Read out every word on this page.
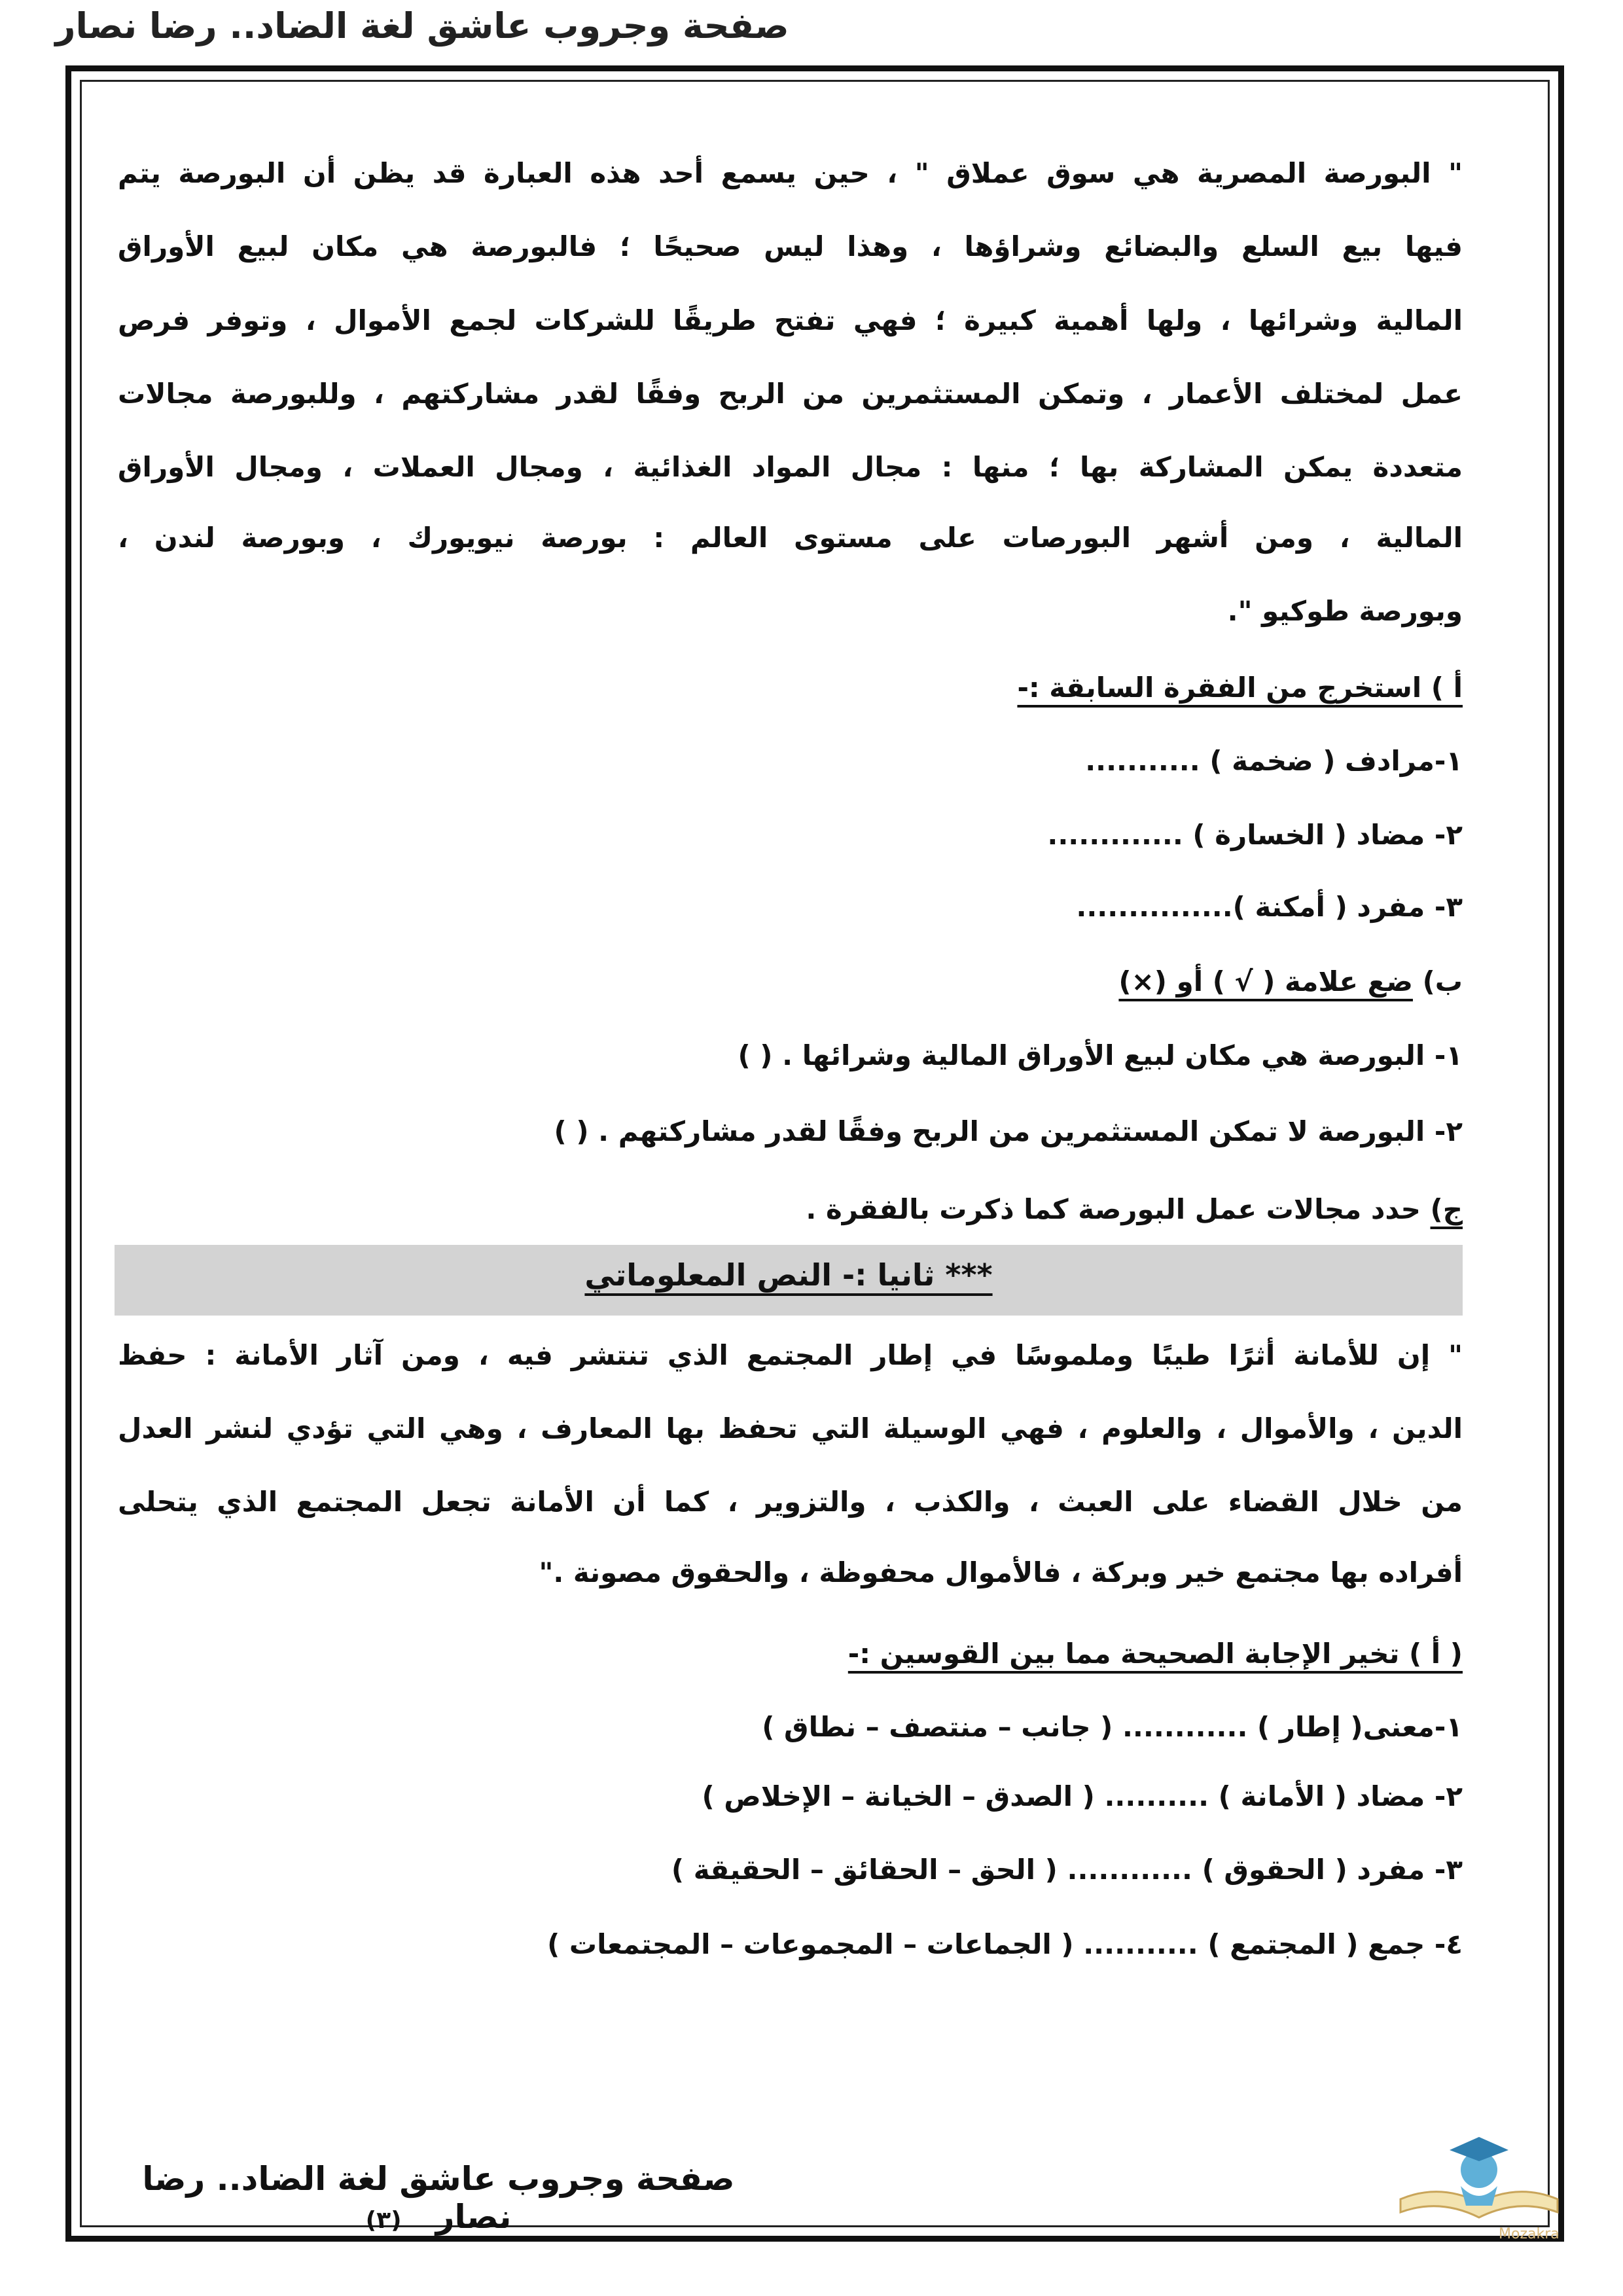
صفحة وجروب عاشق لغة الضاد.. رضا نصار
" البورصة المصرية هي سوق عملاق " ، حين يسمع أحد هذه العبارة قد يظن أن البورصة يتم
فيها بيع السلع والبضائع وشراؤها ، وهذا ليس صحيحًا ؛ فالبورصة هي مكان لبيع الأوراق
المالية وشرائها ، ولها أهمية كبيرة ؛ فهي تفتح طريقًا للشركات لجمع الأموال ، وتوفر فرص
عمل لمختلف الأعمار ، وتمكن المستثمرين من الربح وفقًا لقدر مشاركتهم ، وللبورصة مجالات
متعددة يمكن المشاركة بها ؛ منها : مجال المواد الغذائية ، ومجال العملات ، ومجال الأوراق
المالية ، ومن أشهر البورصات على مستوى العالم : بورصة نيويورك ، وبورصة لندن ،
وبورصة طوكيو ".
أ ) استخرج من الفقرة السابقة :-
١-مرادف ( ضخمة ) ...........
٢- مضاد ( الخسارة ) .............
٣- مفرد ( أمكنة )...............
ب) ضع علامة ( √ ) أو (×)
١- البورصة هي مكان لبيع الأوراق المالية وشرائها . ( )
٢- البورصة لا تمكن المستثمرين من الربح وفقًا لقدر مشاركتهم . ( )
ج) حدد مجالات عمل البورصة كما ذكرت بالفقرة .
*** ثانيا :- النص المعلوماتي
" إن للأمانة أثرًا طيبًا وملموسًا في إطار المجتمع الذي تنتشر فيه ، ومن آثار الأمانة : حفظ
الدين ، والأموال ، والعلوم ، فهي الوسيلة التي تحفظ بها المعارف ، وهي التي تؤدي لنشر العدل
من خلال القضاء على العبث ، والكذب ، والتزوير ، كما أن الأمانة تجعل المجتمع الذي يتحلى
أفراده بها مجتمع خير وبركة ، فالأموال محفوظة ، والحقوق مصونة ."
( أ ) تخير الإجابة الصحيحة مما بين القوسين :-
١-معنى( إطار ) ............ ( جانب – منتصف – نطاق )
٢- مضاد ( الأمانة ) .......... ( الصدق – الخيانة – الإخلاص )
٣- مفرد ( الحقوق ) ............ ( الحق – الحقائق – الحقيقة )
٤- جمع ( المجتمع ) ........... ( الجماعات – المجموعات – المجتمعات )
صفحة وجروب عاشق لغة الضاد.. رضا نصار   (٣)
Mozakra
